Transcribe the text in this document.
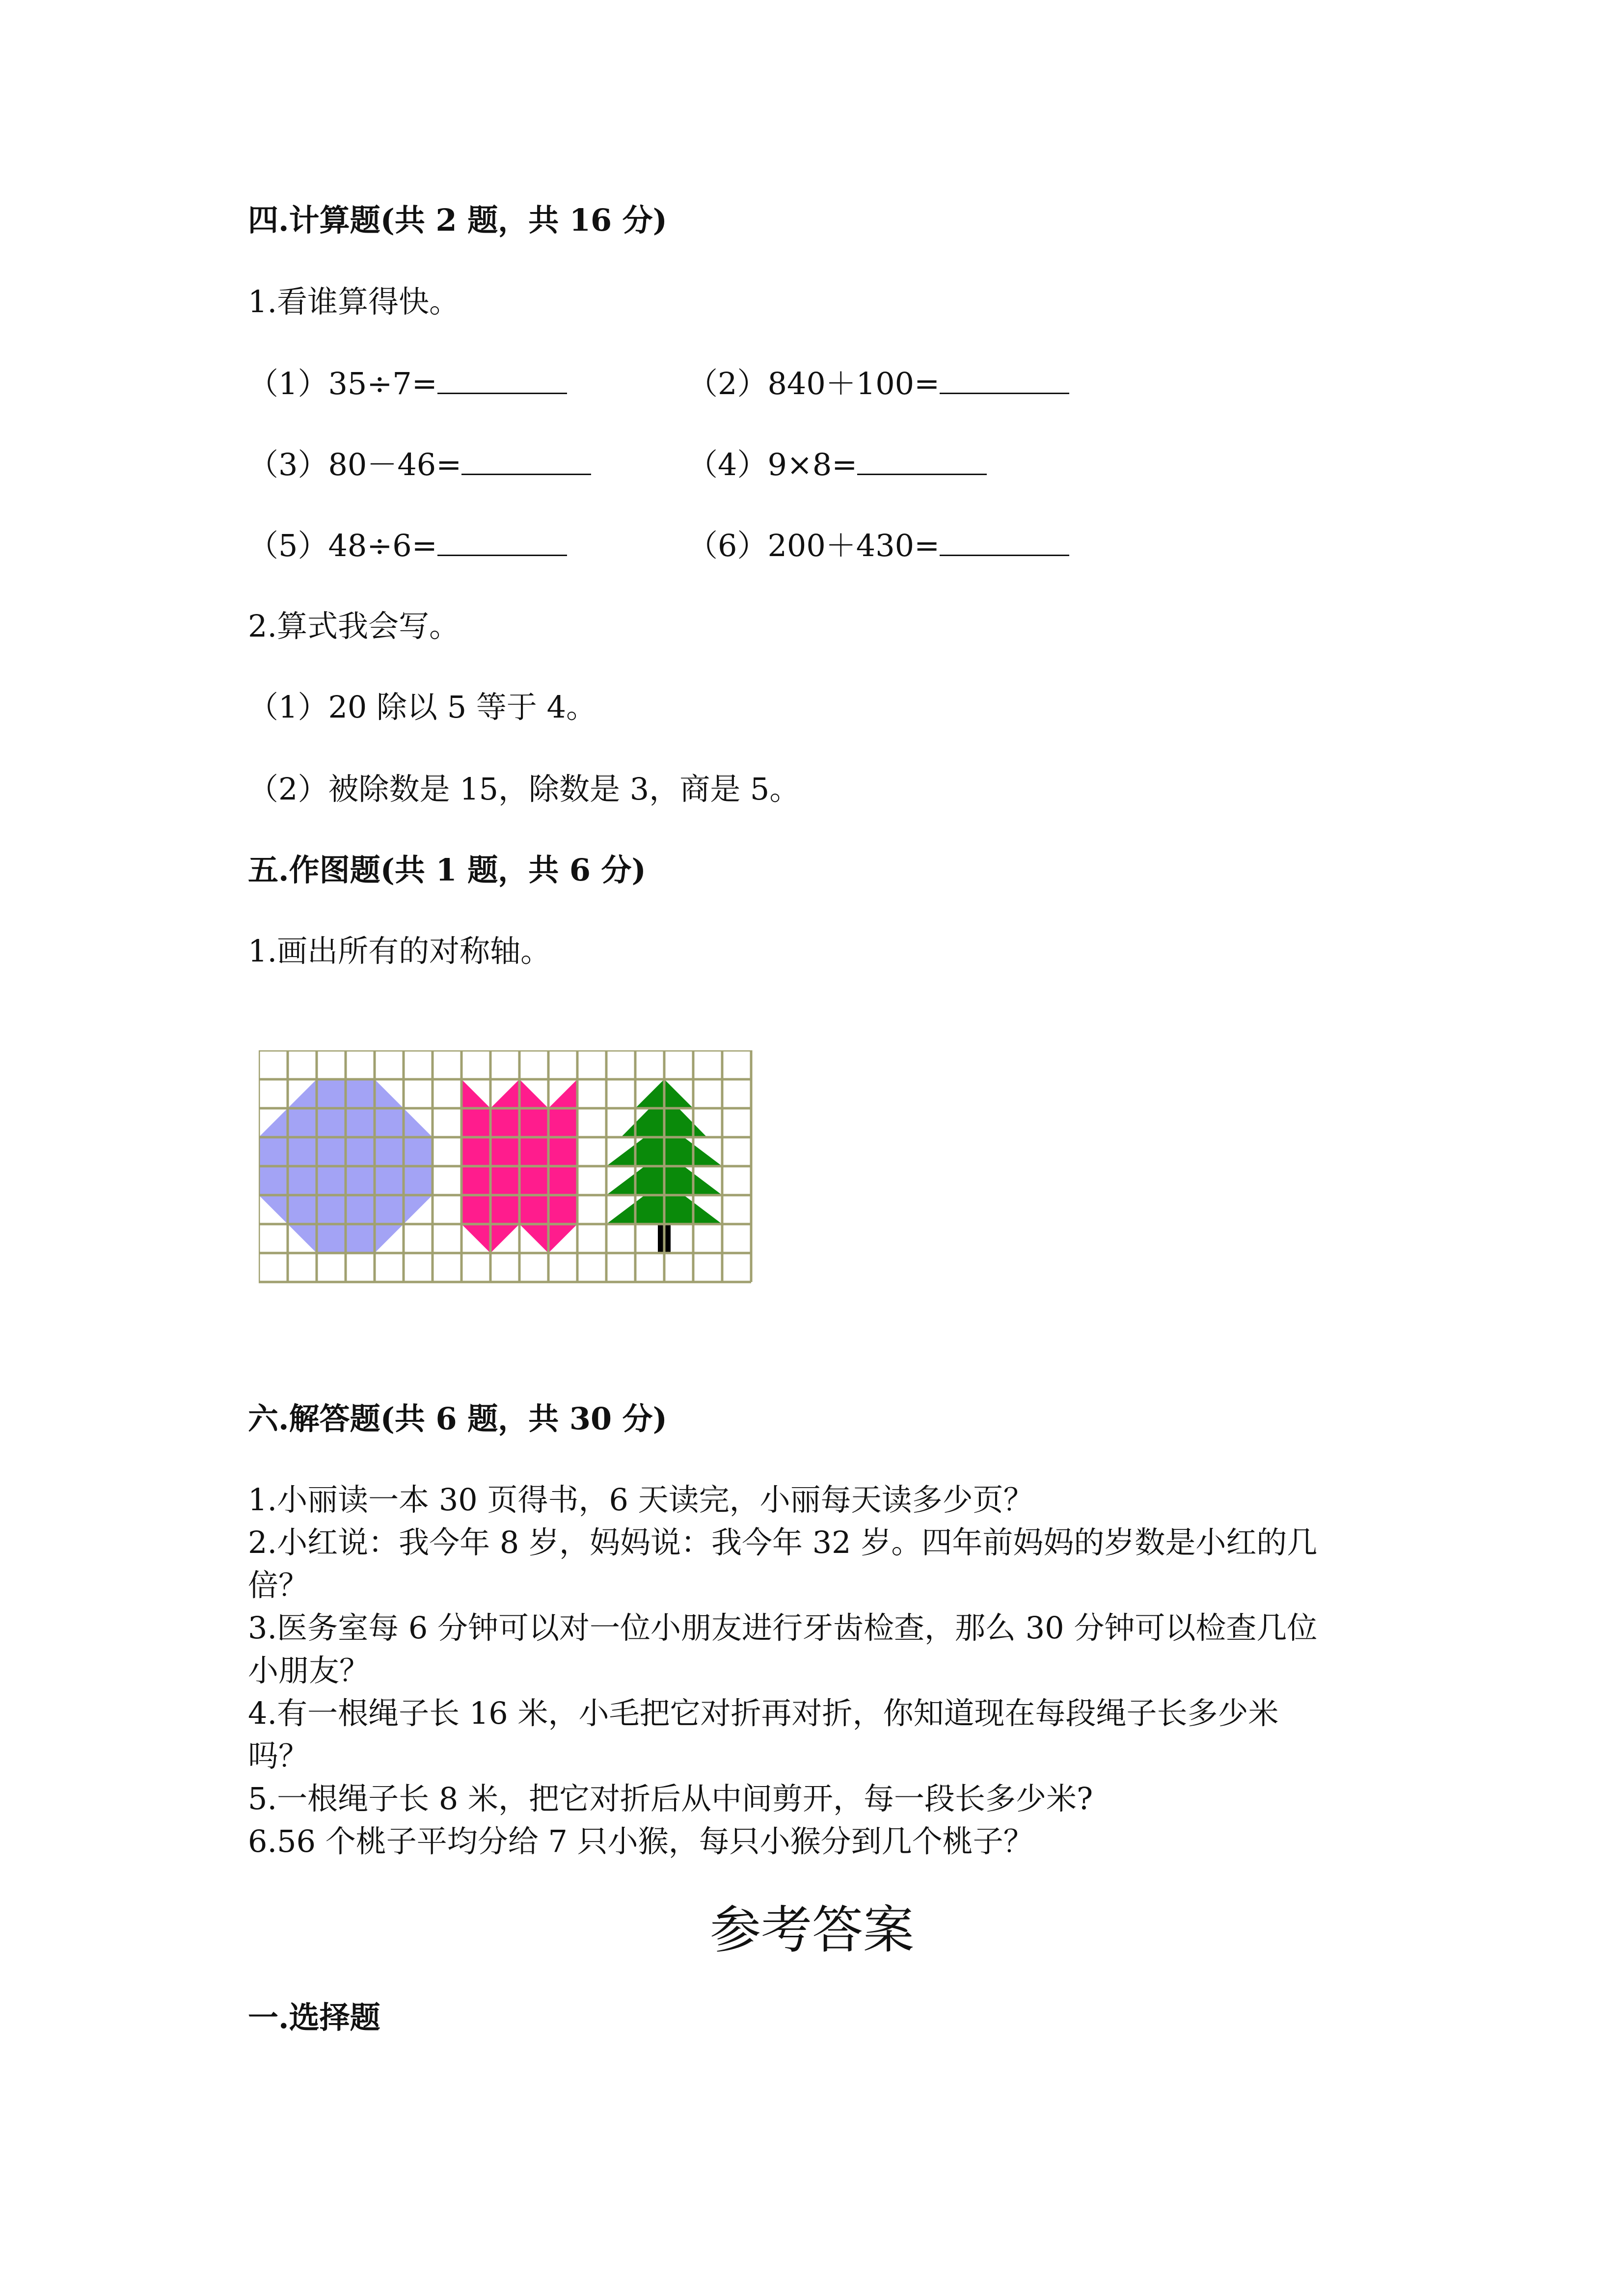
四.计算题(共 2 题，共 16 分)
1.看谁算得快。
（1）35÷7=	（2）840＋100=
（3）80－46=	（4）9×8=
（5）48÷6=	（6）200＋430=
2.算式我会写。
（1）20 除以 5 等于 4。
（2）被除数是 15，除数是 3，商是 5。
五.作图题(共 1 题，共 6 分)
1.画出所有的对称轴。
六.解答题(共 6 题，共 30 分)
1.小丽读一本 30 页得书，6 天读完，小丽每天读多少页？
2.小红说：我今年 8 岁，妈妈说：我今年 32 岁。四年前妈妈的岁数是小红的几
倍？
3.医务室每 6 分钟可以对一位小朋友进行牙齿检查，那么 30 分钟可以检查几位
小朋友？
4.有一根绳子长 16 米，小毛把它对折再对折，你知道现在每段绳子长多少米
吗？
5.一根绳子长 8 米，把它对折后从中间剪开，每一段长多少米?
6.56 个桃子平均分给 7 只小猴，每只小猴分到几个桃子？
参考答案
一.选择题
